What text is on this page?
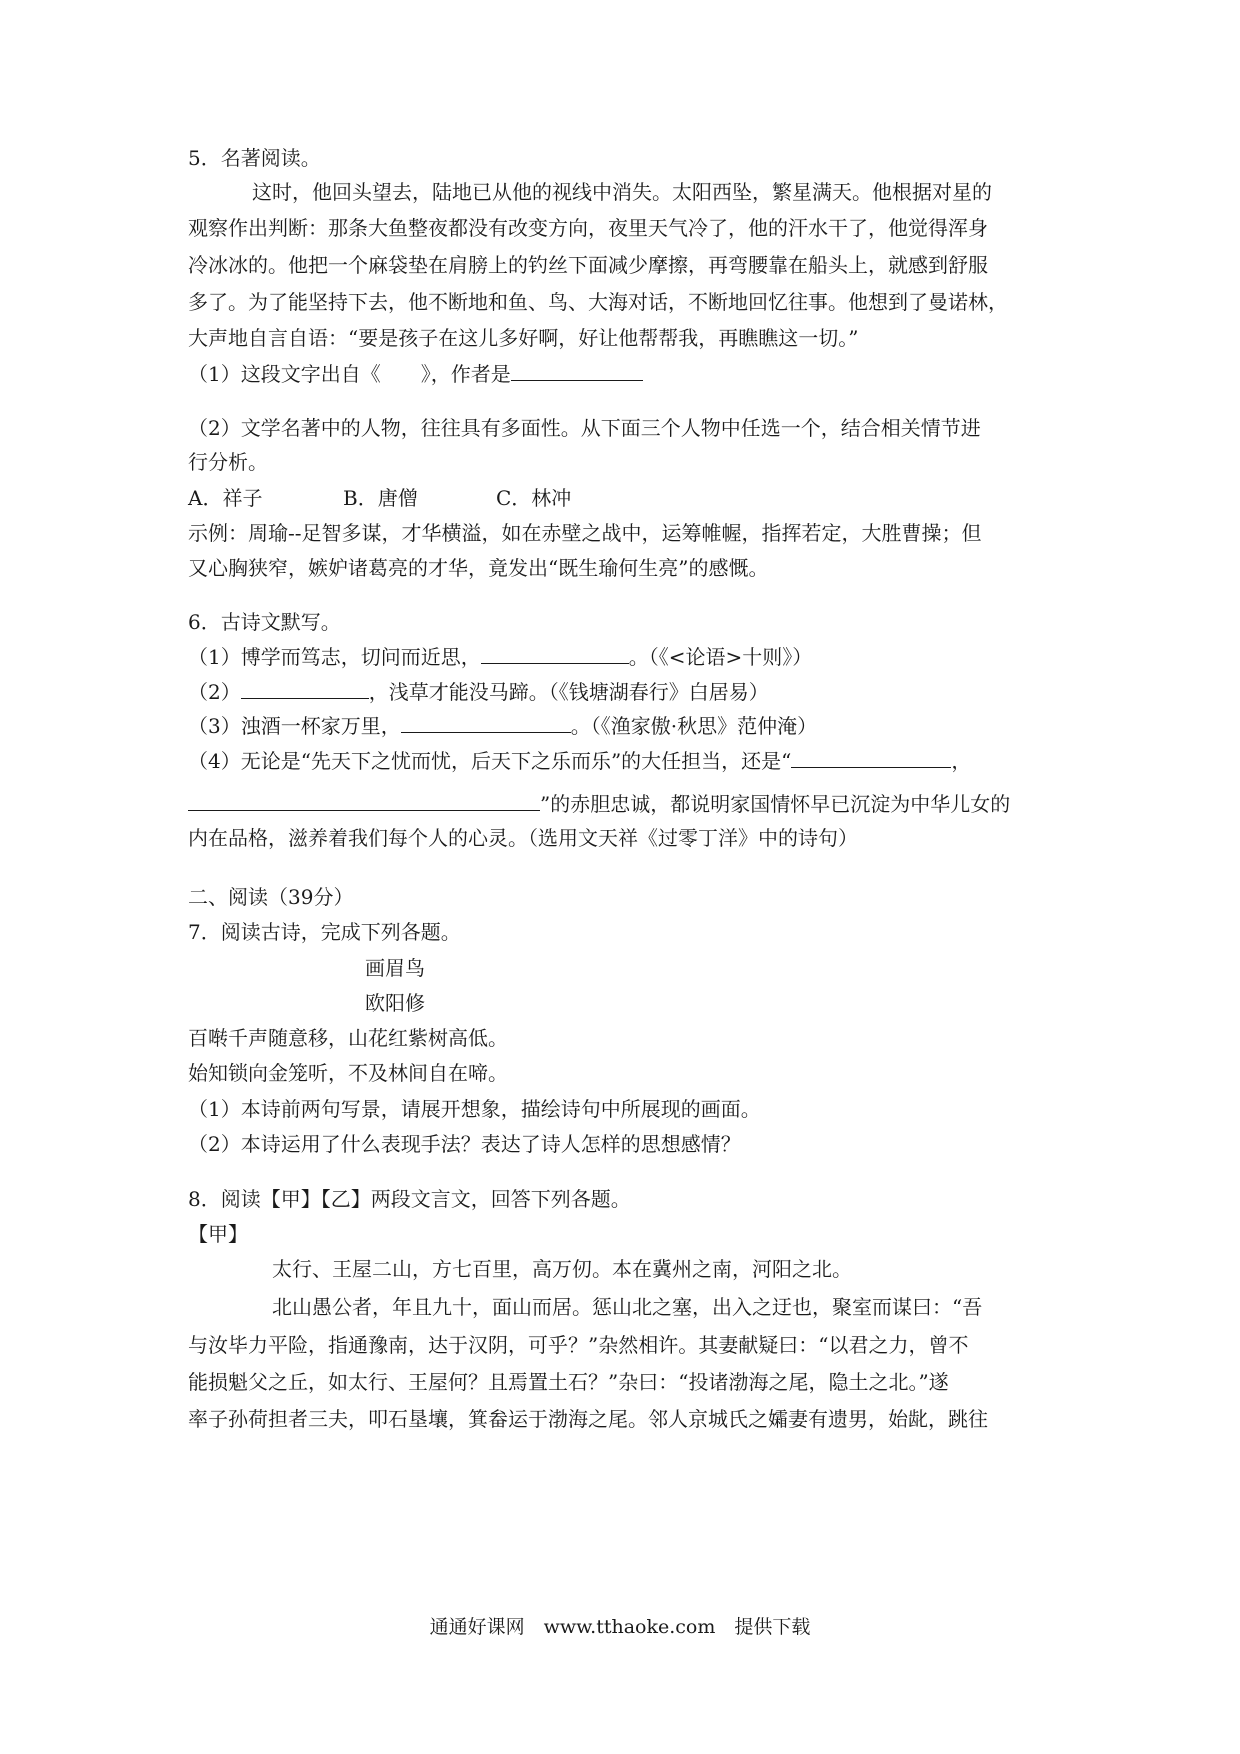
5．名著阅读。
这时，他回头望去，陆地已从他的视线中消失。太阳西坠，繁星满天。他根据对星的
观察作出判断：那条大鱼整夜都没有改变方向，夜里天气冷了，他的汗水干了，他觉得浑身
冷冰冰的。他把一个麻袋垫在肩膀上的钓丝下面减少摩擦，再弯腰靠在船头上，就感到舒服
多了。为了能坚持下去，他不断地和鱼、鸟、大海对话，不断地回忆往事。他想到了曼诺林，
大声地自言自语：“要是孩子在这儿多好啊，好让他帮帮我，再瞧瞧这一切。”
（1）这段文字出自《　　》，作者是
（2）文学名著中的人物，往往具有多面性。从下面三个人物中任选一个，结合相关情节进
行分析。
A．祥子	B．唐僧	C．林冲
示例：周瑜--足智多谋，才华横溢，如在赤壁之战中，运筹帷幄，指挥若定，大胜曹操；但
又心胸狭窄，嫉妒诸葛亮的才华，竟发出“既生瑜何生亮”的感慨。
6．古诗文默写。
（1）博学而笃志，切问而近思，	。（《<论语>十则》）
（2）	，浅草才能没马蹄。（《钱塘湖春行》白居易）
（3）浊酒一杯家万里，	。（《渔家傲·秋思》范仲淹）
（4）无论是“先天下之忧而忧，后天下之乐而乐”的大任担当，还是“	，
”的赤胆忠诚，都说明家国情怀早已沉淀为中华儿女的
内在品格，滋养着我们每个人的心灵。（选用文天祥《过零丁洋》中的诗句）
二、阅读（39分）
7．阅读古诗，完成下列各题。
画眉鸟
欧阳修
百啭千声随意移，山花红紫树高低。
始知锁向金笼听，不及林间自在啼。
（1）本诗前两句写景，请展开想象，描绘诗句中所展现的画面。
（2）本诗运用了什么表现手法？表达了诗人怎样的思想感情？
8．阅读【甲】【乙】两段文言文，回答下列各题。
【甲】
太行、王屋二山，方七百里，高万仞。本在冀州之南，河阳之北。
北山愚公者，年且九十，面山而居。惩山北之塞，出入之迂也，聚室而谋曰：“吾
与汝毕力平险，指通豫南，达于汉阴，可乎？”杂然相许。其妻献疑曰：“以君之力，曾不
能损魁父之丘，如太行、王屋何？且焉置土石？”杂曰：“投诸渤海之尾，隐土之北。”遂
率子孙荷担者三夫，叩石垦壤，箕畚运于渤海之尾。邻人京城氏之孀妻有遗男，始龀，跳往
通通好课网　www.tthaoke.com　提供下载
